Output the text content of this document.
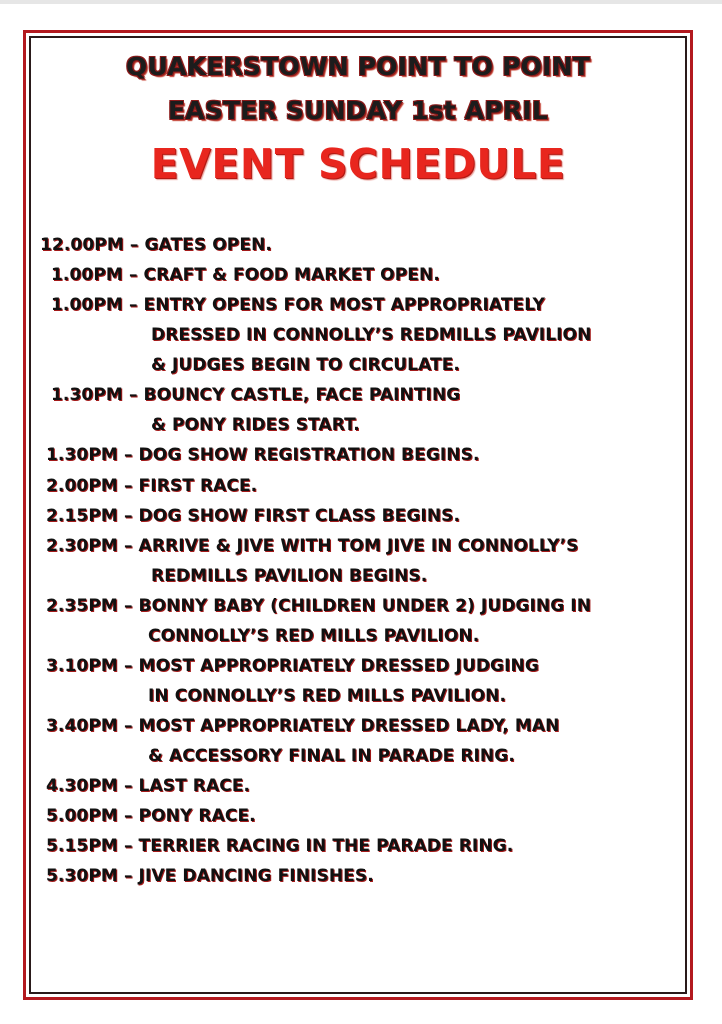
QUAKERSTOWN POINT TO POINT
EASTER SUNDAY 1st APRIL
EVENT SCHEDULE
12.00PM – GATES OPEN.
1.00PM – CRAFT & FOOD MARKET OPEN.
1.00PM – ENTRY OPENS FOR MOST APPROPRIATELY
DRESSED IN CONNOLLY’S REDMILLS PAVILION
& JUDGES BEGIN TO CIRCULATE.
1.30PM – BOUNCY CASTLE, FACE PAINTING
& PONY RIDES START.
1.30PM – DOG SHOW REGISTRATION BEGINS.
2.00PM – FIRST RACE.
2.15PM – DOG SHOW FIRST CLASS BEGINS.
2.30PM – ARRIVE & JIVE WITH TOM JIVE IN CONNOLLY’S
REDMILLS PAVILION BEGINS.
2.35PM – BONNY BABY (CHILDREN UNDER 2) JUDGING IN
CONNOLLY’S RED MILLS PAVILION.
3.10PM – MOST APPROPRIATELY DRESSED JUDGING
IN CONNOLLY’S RED MILLS PAVILION.
3.40PM – MOST APPROPRIATELY DRESSED LADY, MAN
& ACCESSORY FINAL IN PARADE RING.
4.30PM – LAST RACE.
5.00PM – PONY RACE.
5.15PM – TERRIER RACING IN THE PARADE RING.
5.30PM – JIVE DANCING FINISHES.
